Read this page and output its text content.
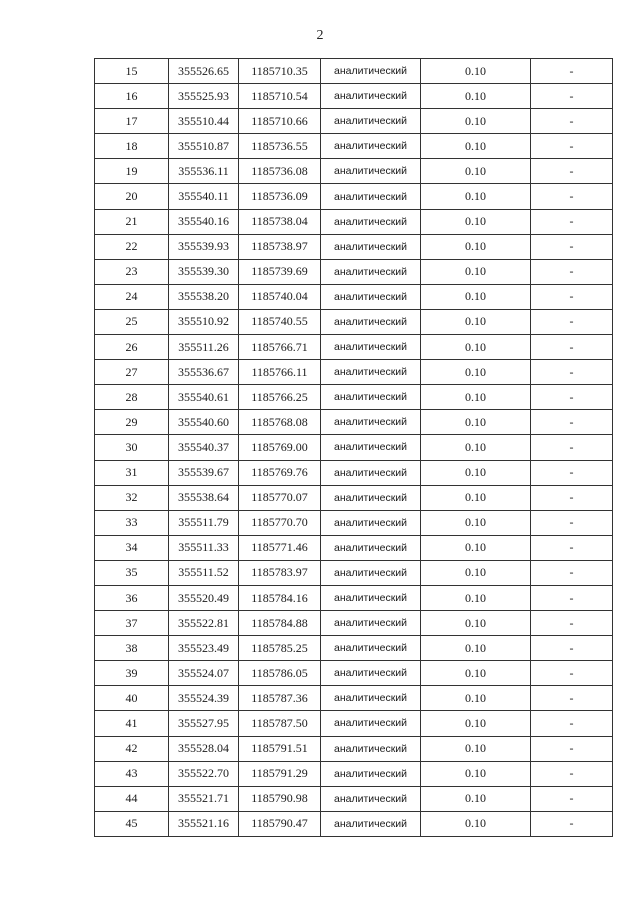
2
15	355526.65	1185710.35	аналитический	0.10	-
16	355525.93	1185710.54	аналитический	0.10	-
17	355510.44	1185710.66	аналитический	0.10	-
18	355510.87	1185736.55	аналитический	0.10	-
19	355536.11	1185736.08	аналитический	0.10	-
20	355540.11	1185736.09	аналитический	0.10	-
21	355540.16	1185738.04	аналитический	0.10	-
22	355539.93	1185738.97	аналитический	0.10	-
23	355539.30	1185739.69	аналитический	0.10	-
24	355538.20	1185740.04	аналитический	0.10	-
25	355510.92	1185740.55	аналитический	0.10	-
26	355511.26	1185766.71	аналитический	0.10	-
27	355536.67	1185766.11	аналитический	0.10	-
28	355540.61	1185766.25	аналитический	0.10	-
29	355540.60	1185768.08	аналитический	0.10	-
30	355540.37	1185769.00	аналитический	0.10	-
31	355539.67	1185769.76	аналитический	0.10	-
32	355538.64	1185770.07	аналитический	0.10	-
33	355511.79	1185770.70	аналитический	0.10	-
34	355511.33	1185771.46	аналитический	0.10	-
35	355511.52	1185783.97	аналитический	0.10	-
36	355520.49	1185784.16	аналитический	0.10	-
37	355522.81	1185784.88	аналитический	0.10	-
38	355523.49	1185785.25	аналитический	0.10	-
39	355524.07	1185786.05	аналитический	0.10	-
40	355524.39	1185787.36	аналитический	0.10	-
41	355527.95	1185787.50	аналитический	0.10	-
42	355528.04	1185791.51	аналитический	0.10	-
43	355522.70	1185791.29	аналитический	0.10	-
44	355521.71	1185790.98	аналитический	0.10	-
45	355521.16	1185790.47	аналитический	0.10	-
